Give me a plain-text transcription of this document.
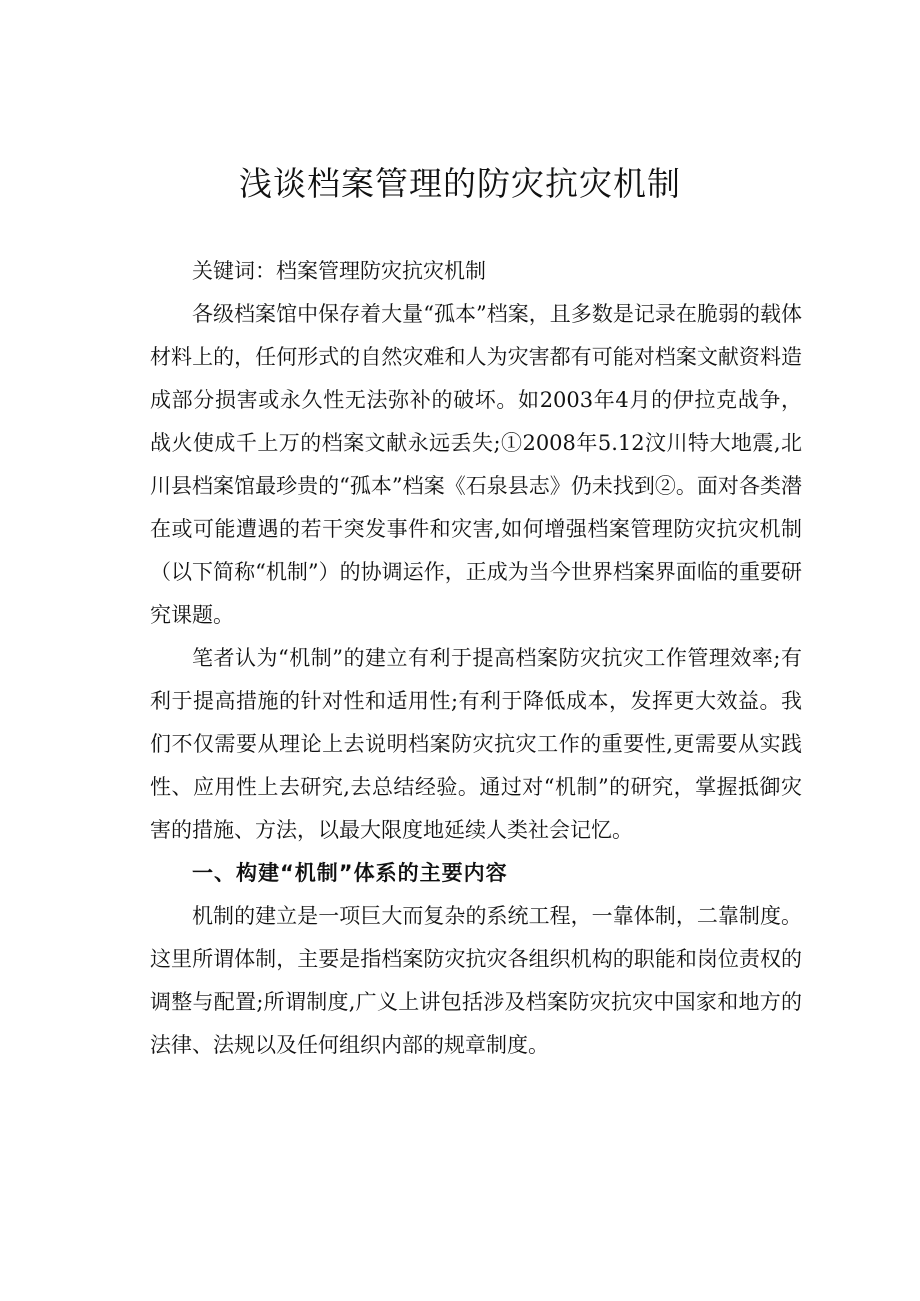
浅谈档案管理的防灾抗灾机制

关键词：档案管理防灾抗灾机制

各级档案馆中保存着大量“孤本”档案，且多数是记录在脆弱的载体材料上的，任何形式的自然灾难和人为灾害都有可能对档案文献资料造成部分损害或永久性无法弥补的破坏。如2003年4月的伊拉克战争，战火使成千上万的档案文献永远丢失;①2008年5.12汶川特大地震,北川县档案馆最珍贵的“孤本”档案《石泉县志》仍未找到②。面对各类潜在或可能遭遇的若干突发事件和灾害,如何增强档案管理防灾抗灾机制（以下简称“机制”）的协调运作，正成为当今世界档案界面临的重要研究课题。

笔者认为“机制”的建立有利于提高档案防灾抗灾工作管理效率;有利于提高措施的针对性和适用性;有利于降低成本，发挥更大效益。我们不仅需要从理论上去说明档案防灾抗灾工作的重要性,更需要从实践性、应用性上去研究,去总结经验。通过对“机制”的研究，掌握抵御灾害的措施、方法，以最大限度地延续人类社会记忆。

一、构建“机制”体系的主要内容

机制的建立是一项巨大而复杂的系统工程，一靠体制，二靠制度。这里所谓体制，主要是指档案防灾抗灾各组织机构的职能和岗位责权的调整与配置;所谓制度,广义上讲包括涉及档案防灾抗灾中国家和地方的法律、法规以及任何组织内部的规章制度。
